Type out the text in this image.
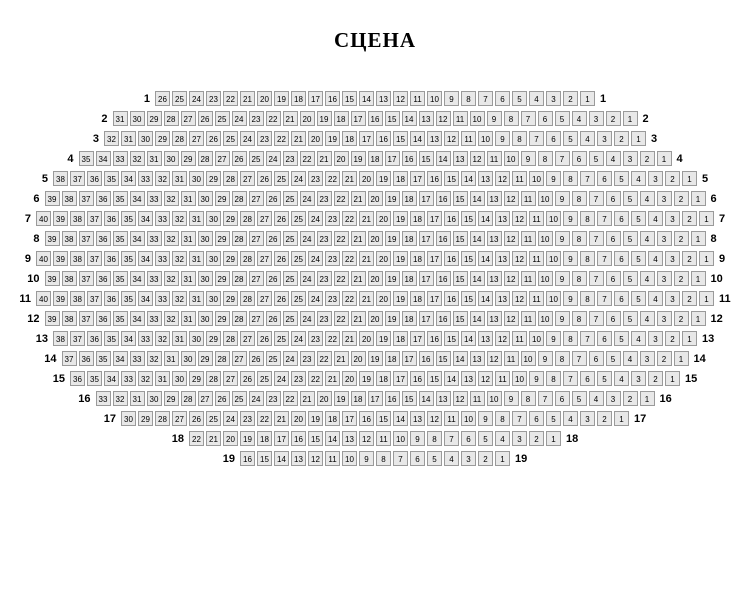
СЦЕНА
1	26	25	24	23	22	21	20	19	18	17	16	15	14	13	12	11	10	9	8	7	6	5	4	3	2	1 1
2	31	30	29	28	27	26	25	24	23	22	21	20	19	18	17	16	15	14	13	12	11	10	9	8	7	6	5	4	3	2	1 2
3	32	31	30	29	28	27	26	25	24	23	22	21	20	19	18	17	16	15	14	13	12	11	10	9	8	7	6	5	4	3	2	1 3
4	35	34	33	32	31	30	29	28	27	26	25	24	23	22	21	20	19	18	17	16	15	14	13	12	11	10	9	8	7	6	5	4	3	2	1 4
5	38	37	36	35	34	33	32	31	30	29	28	27	26	25	24	23	22	21	20	19	18	17	16	15	14	13	12	11	10	9	8	7	6	5	4	3	2	1 5
6	39	38	37	36	35	34	33	32	31	30	29	28	27	26	25	24	23	22	21	20	19	18	17	16	15	14	13	12	11	10	9	8	7	6	5	4	3	2	1 6
7	40	39	38	37	36	35	34	33	32	31	30	29	28	27	26	25	24	23	22	21	20	19	18	17	16	15	14	13	12	11	10	9	8	7	6	5	4	3	2	1 7
8	39	38	37	36	35	34	33	32	31	30	29	28	27	26	25	24	23	22	21	20	19	18	17	16	15	14	13	12	11	10	9	8	7	6	5	4	3	2	1 8
9	40	39	38	37	36	35	34	33	32	31	30	29	28	27	26	25	24	23	22	21	20	19	18	17	16	15	14	13	12	11	10	9	8	7	6	5	4	3	2	1 9
10	39	38	37	36	35	34	33	32	31	30	29	28	27	26	25	24	23	22	21	20	19	18	17	16	15	14	13	12	11	10	9	8	7	6	5	4	3	2	1 10
11	40	39	38	37	36	35	34	33	32	31	30	29	28	27	26	25	24	23	22	21	20	19	18	17	16	15	14	13	12	11	10	9	8	7	6	5	4	3	2	1 11
12	39	38	37	36	35	34	33	32	31	30	29	28	27	26	25	24	23	22	21	20	19	18	17	16	15	14	13	12	11	10	9	8	7	6	5	4	3	2	1 12
13	38	37	36	35	34	33	32	31	30	29	28	27	26	25	24	23	22	21	20	19	18	17	16	15	14	13	12	11	10	9	8	7	6	5	4	3	2	1 13
14	37	36	35	34	33	32	31	30	29	28	27	26	25	24	23	22	21	20	19	18	17	16	15	14	13	12	11	10	9	8	7	6	5	4	3	2	1 14
15	36	35	34	33	32	31	30	29	28	27	26	25	24	23	22	21	20	19	18	17	16	15	14	13	12	11	10	9	8	7	6	5	4	3	2	1 15
16	33	32	31	30	29	28	27	26	25	24	23	22	21	20	19	18	17	16	15	14	13	12	11	10	9	8	7	6	5	4	3	2	1 16
17	30	29	28	27	26	25	24	23	22	21	20	19	18	17	16	15	14	13	12	11	10	9	8	7	6	5	4	3	2	1 17
18	22	21	20	19	18	17	16	15	14	13	12	11	10	9	8	7	6	5	4	3	2	1 18
19	16	15	14	13	12	11	10	9	8	7	6	5	4	3	2	1 19
